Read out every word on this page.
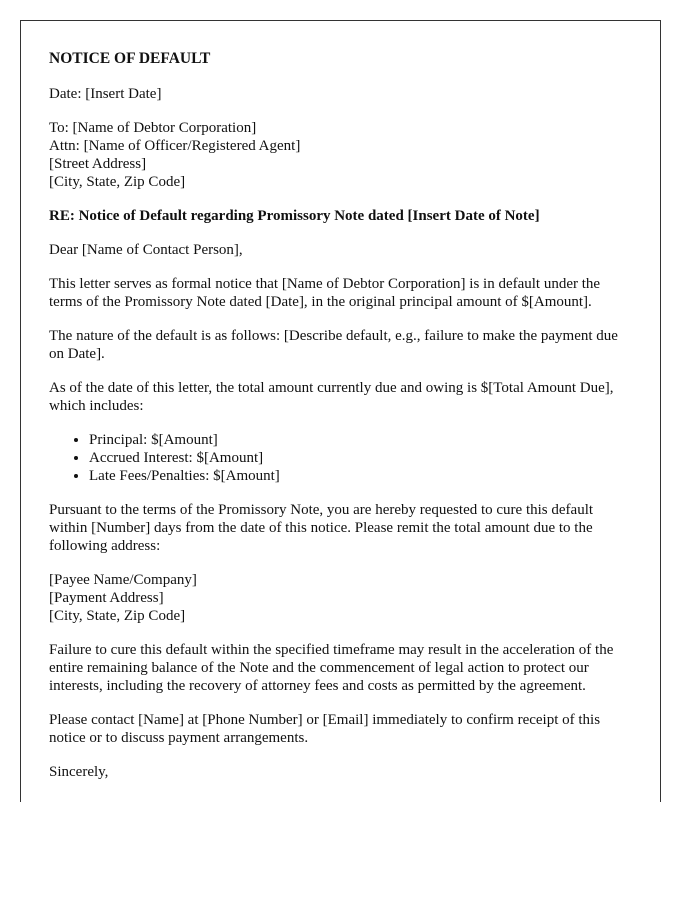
NOTICE OF DEFAULT

Date: [Insert Date]

To: [Name of Debtor Corporation]
Attn: [Name of Officer/Registered Agent]
[Street Address]
[City, State, Zip Code]

RE: Notice of Default regarding Promissory Note dated [Insert Date of Note]

Dear [Name of Contact Person],

This letter serves as formal notice that [Name of Debtor Corporation] is in default under the terms of the Promissory Note dated [Date], in the original principal amount of $[Amount].

The nature of the default is as follows: [Describe default, e.g., failure to make the payment due on Date].

As of the date of this letter, the total amount currently due and owing is $[Total Amount Due], which includes:

• Principal: $[Amount]
• Accrued Interest: $[Amount]
• Late Fees/Penalties: $[Amount]

Pursuant to the terms of the Promissory Note, you are hereby requested to cure this default within [Number] days from the date of this notice. Please remit the total amount due to the following address:

[Payee Name/Company]
[Payment Address]
[City, State, Zip Code]

Failure to cure this default within the specified timeframe may result in the acceleration of the entire remaining balance of the Note and the commencement of legal action to protect our interests, including the recovery of attorney fees and costs as permitted by the agreement.

Please contact [Name] at [Phone Number] or [Email] immediately to confirm receipt of this notice or to discuss payment arrangements.

Sincerely,
